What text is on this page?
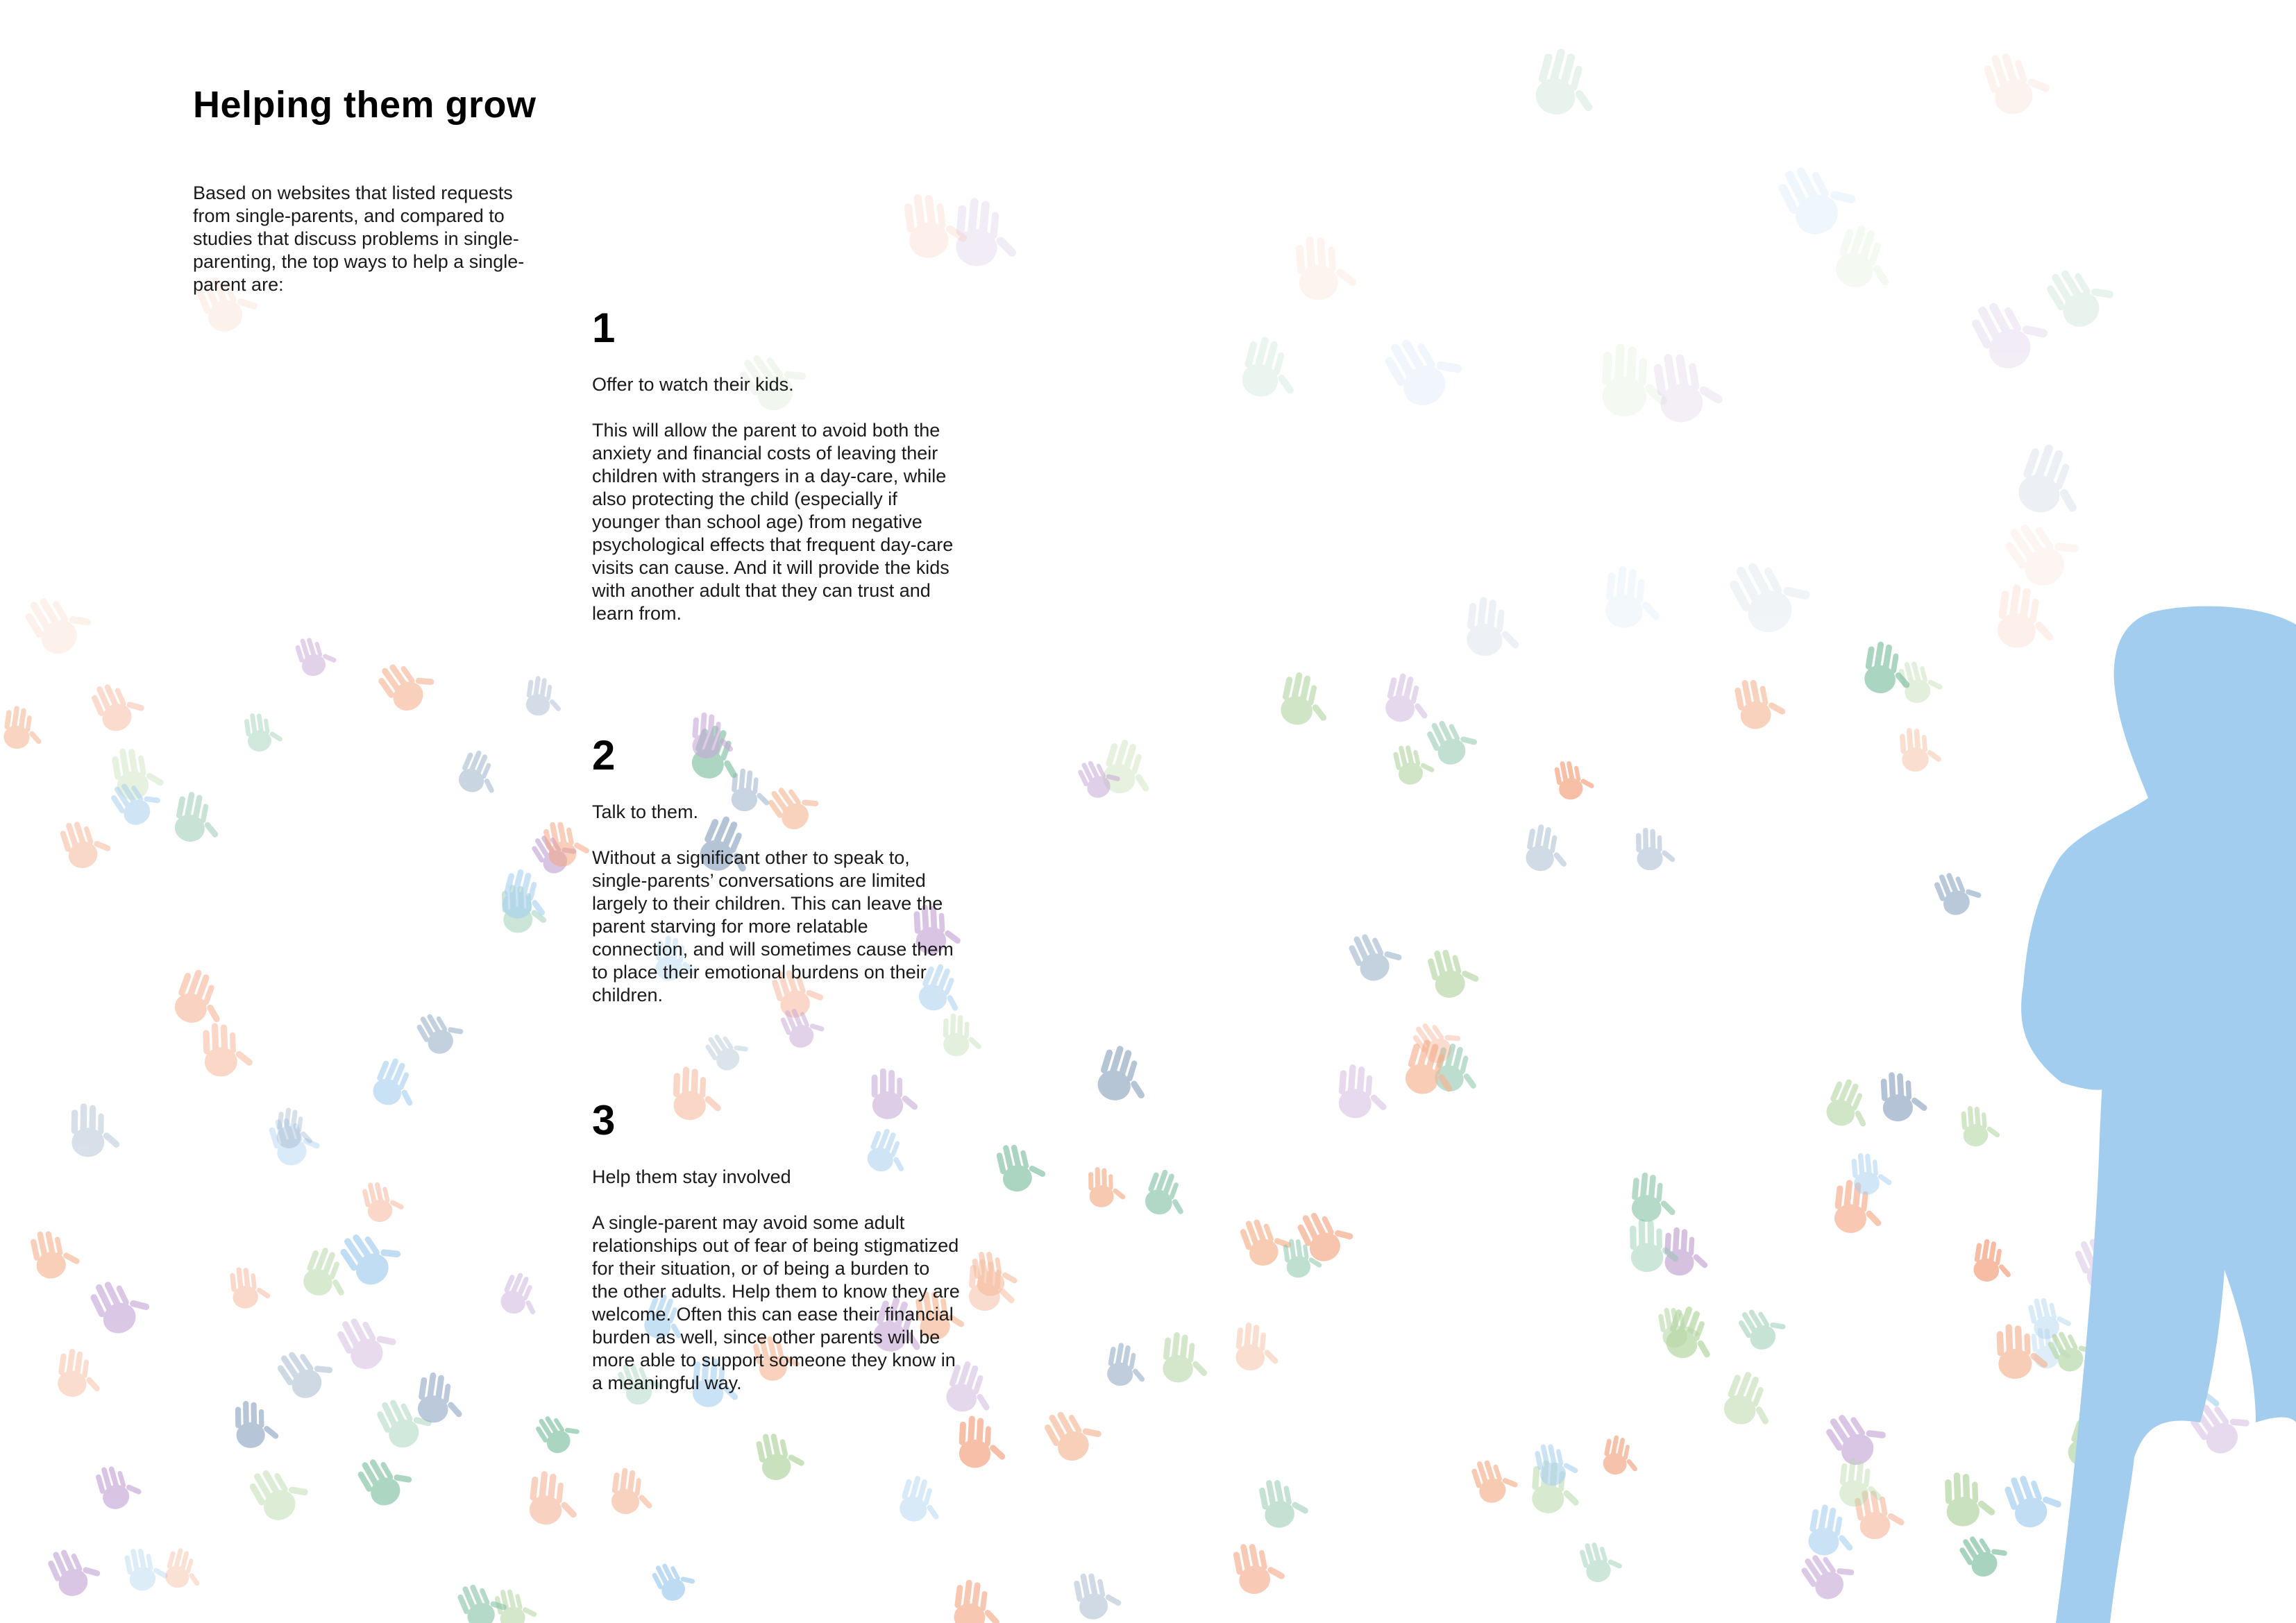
Helping them grow

Based on websites that listed requests from single-parents, and compared to studies that discuss problems in single-parenting, the top ways to help a single-parent are:

1

Offer to watch their kids.

This will allow the parent to avoid both the anxiety and financial costs of leaving their children with strangers in a day-care, while also protecting the child (especially if younger than school age) from negative psychological effects that frequent day-care visits can cause. And it will provide the kids with another adult that they can trust and learn from.

2

Talk to them.

Without a significant other to speak to, single-parents’ conversations are limited largely to their children. This can leave the parent starving for more relatable connection, and will sometimes cause them to place their emotional burdens on their children.

3

Help them stay involved

A single-parent may avoid some adult relationships out of fear of being stigmatized for their situation, or of being a burden to the other adults. Help them to know they are welcome. Often this can ease their financial burden as well, since other parents will be more able to support someone they know in a meaningful way.
